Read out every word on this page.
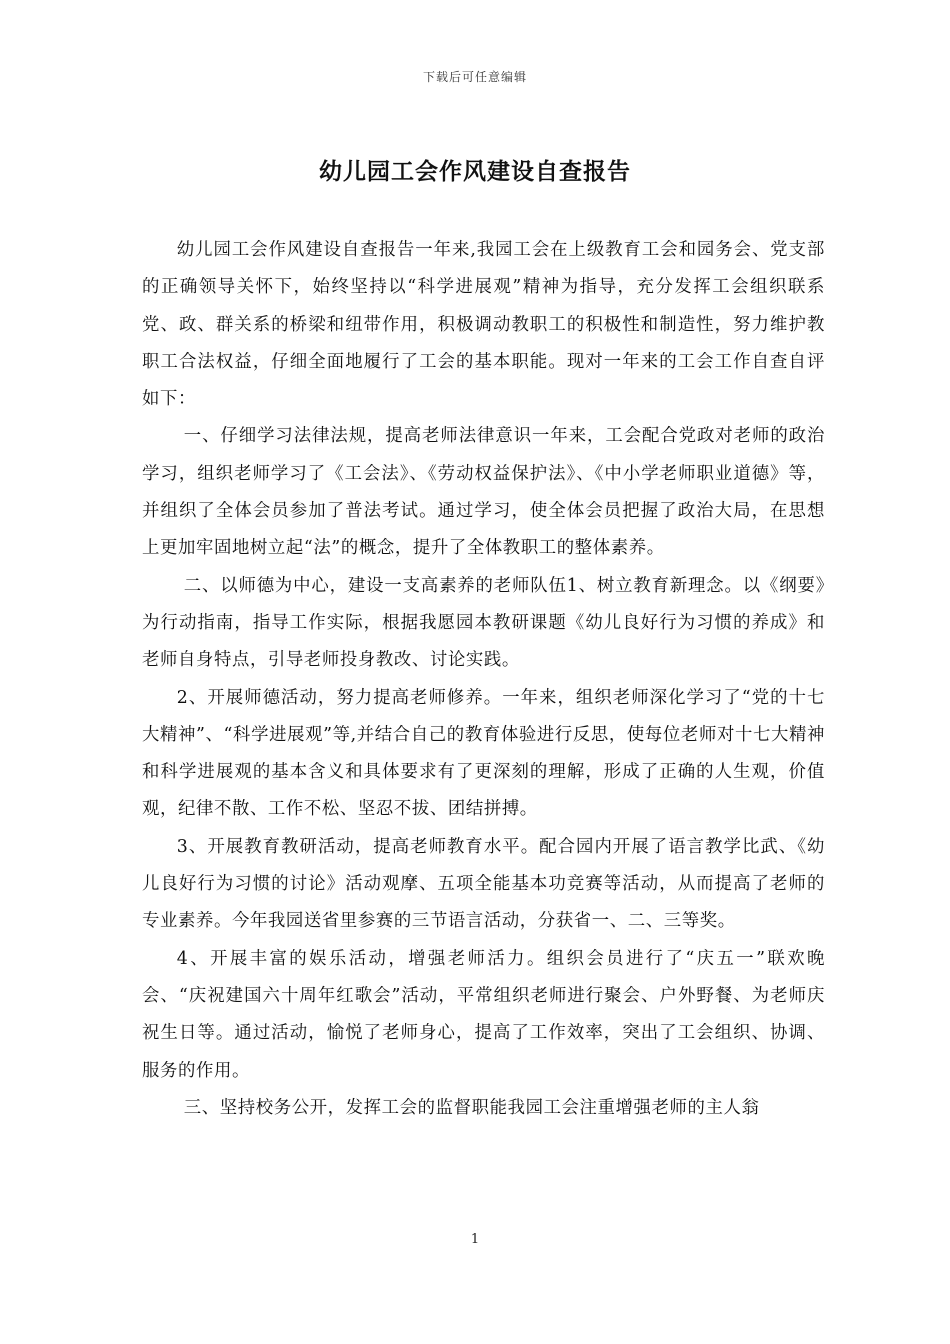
下载后可任意编辑
幼儿园工会作风建设自查报告

幼儿园工会作风建设自查报告一年来,我园工会在上级教育工会和园务会、党支部的正确领导关怀下，始终坚持以“科学进展观”精神为指导，充分发挥工会组织联系党、政、群关系的桥梁和纽带作用，积极调动教职工的积极性和制造性，努力维护教职工合法权益，仔细全面地履行了工会的基本职能。现对一年来的工会工作自查自评如下：

一、仔细学习法律法规，提高老师法律意识一年来，工会配合党政对老师的政治学习，组织老师学习了《工会法》、《劳动权益保护法》、《中小学老师职业道德》等，并组织了全体会员参加了普法考试。通过学习，使全体会员把握了政治大局，在思想上更加牢固地树立起“法”的概念，提升了全体教职工的整体素养。

二、以师德为中心，建设一支高素养的老师队伍1、树立教育新理念。以《纲要》为行动指南，指导工作实际，根据我愿园本教研课题《幼儿良好行为习惯的养成》和老师自身特点，引导老师投身教改、讨论实践。

2、开展师德活动，努力提高老师修养。一年来，组织老师深化学习了“党的十七大精神”、“科学进展观”等,并结合自己的教育体验进行反思，使每位老师对十七大精神和科学进展观的基本含义和具体要求有了更深刻的理解，形成了正确的人生观，价值观，纪律不散、工作不松、坚忍不拔、团结拼搏。

3、开展教育教研活动，提高老师教育水平。配合园内开展了语言教学比武、《幼儿良好行为习惯的讨论》活动观摩、五项全能基本功竞赛等活动，从而提高了老师的专业素养。今年我园送省里参赛的三节语言活动，分获省一、二、三等奖。

4、开展丰富的娱乐活动，增强老师活力。组织会员进行了“庆五一”联欢晚会、“庆祝建国六十周年红歌会”活动，平常组织老师进行聚会、户外野餐、为老师庆祝生日等。通过活动，愉悦了老师身心，提高了工作效率，突出了工会组织、协调、服务的作用。

三、坚持校务公开，发挥工会的监督职能我园工会注重增强老师的主人翁

1
